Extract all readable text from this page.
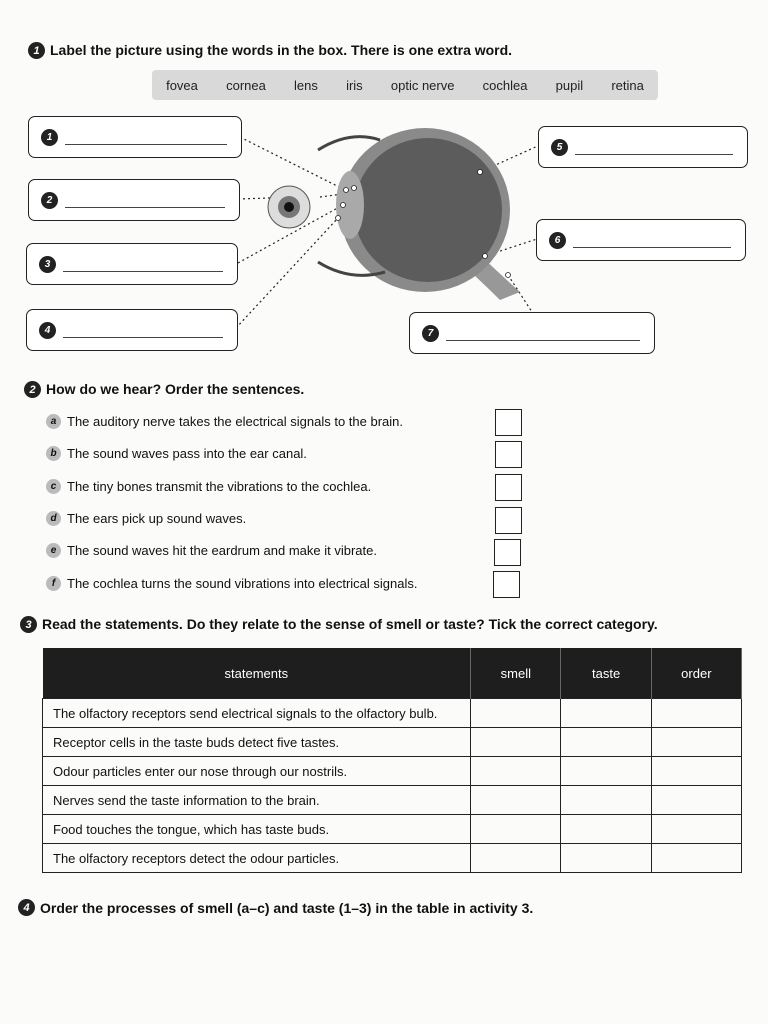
1 Label the picture using the words in the box. There is one extra word.
fovea cornea lens iris optic nerve cochlea pupil retina
1
2
3
4
5
6
7
2 How do we hear? Order the sentences.
a The auditory nerve takes the electrical signals to the brain.
b The sound waves pass into the ear canal.
c The tiny bones transmit the vibrations to the cochlea.
d The ears pick up sound waves.
e The sound waves hit the eardrum and make it vibrate.
f The cochlea turns the sound vibrations into electrical signals.
3 Read the statements. Do they relate to the sense of smell or taste? Tick the correct category.
statements	smell	taste	order
The olfactory receptors send electrical signals to the olfactory bulb.			
Receptor cells in the taste buds detect five tastes.			
Odour particles enter our nose through our nostrils.			
Nerves send the taste information to the brain.			
Food touches the tongue, which has taste buds.			
The olfactory receptors detect the odour particles.			
4 Order the processes of smell (a–c) and taste (1–3) in the table in activity 3.
